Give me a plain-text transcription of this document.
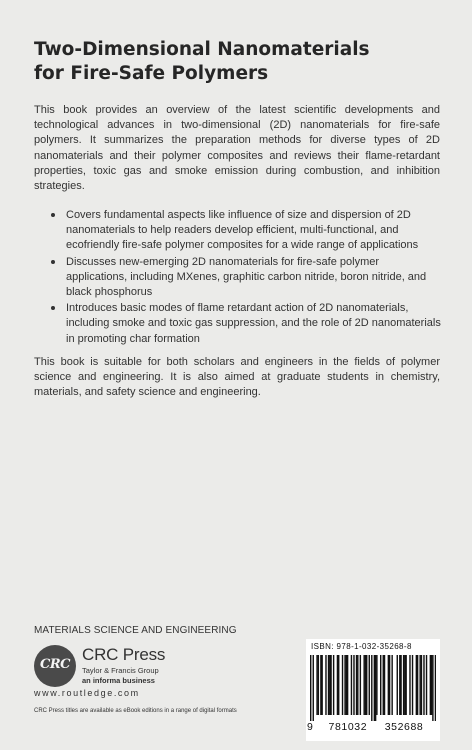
Two-Dimensional Nanomaterials
for Fire-Safe Polymers

This book provides an overview of the latest scientific developments and technological advances in two-dimensional (2D) nanomaterials for fire-safe polymers. It summarizes the preparation methods for diverse types of 2D nanomaterials and their polymer composites and reviews their flame-retardant properties, toxic gas and smoke emission during combustion, and inhibition strategies.

Covers fundamental aspects like influence of size and dispersion of 2D nanomaterials to help readers develop efficient, multi-functional, and ecofriendly fire-safe polymer composites for a wide range of applications
Discusses new-emerging 2D nanomaterials for fire-safe polymer applications, including MXenes, graphitic carbon nitride, boron nitride, and black phosphorus
Introduces basic modes of flame retardant action of 2D nanomaterials, including smoke and toxic gas suppression, and the role of 2D nanomaterials in promoting char formation

This book is suitable for both scholars and engineers in the fields of polymer science and engineering. It is also aimed at graduate students in chemistry, materials, and safety science and engineering.

MATERIALS SCIENCE AND ENGINEERING
CRC
CRC Press
Taylor & Francis Group
an informa business
www.routledge.com
CRC Press titles are available as eBook editions in a range of digital formats
ISBN: 978-1-032-35268-8
9 781032 352688
